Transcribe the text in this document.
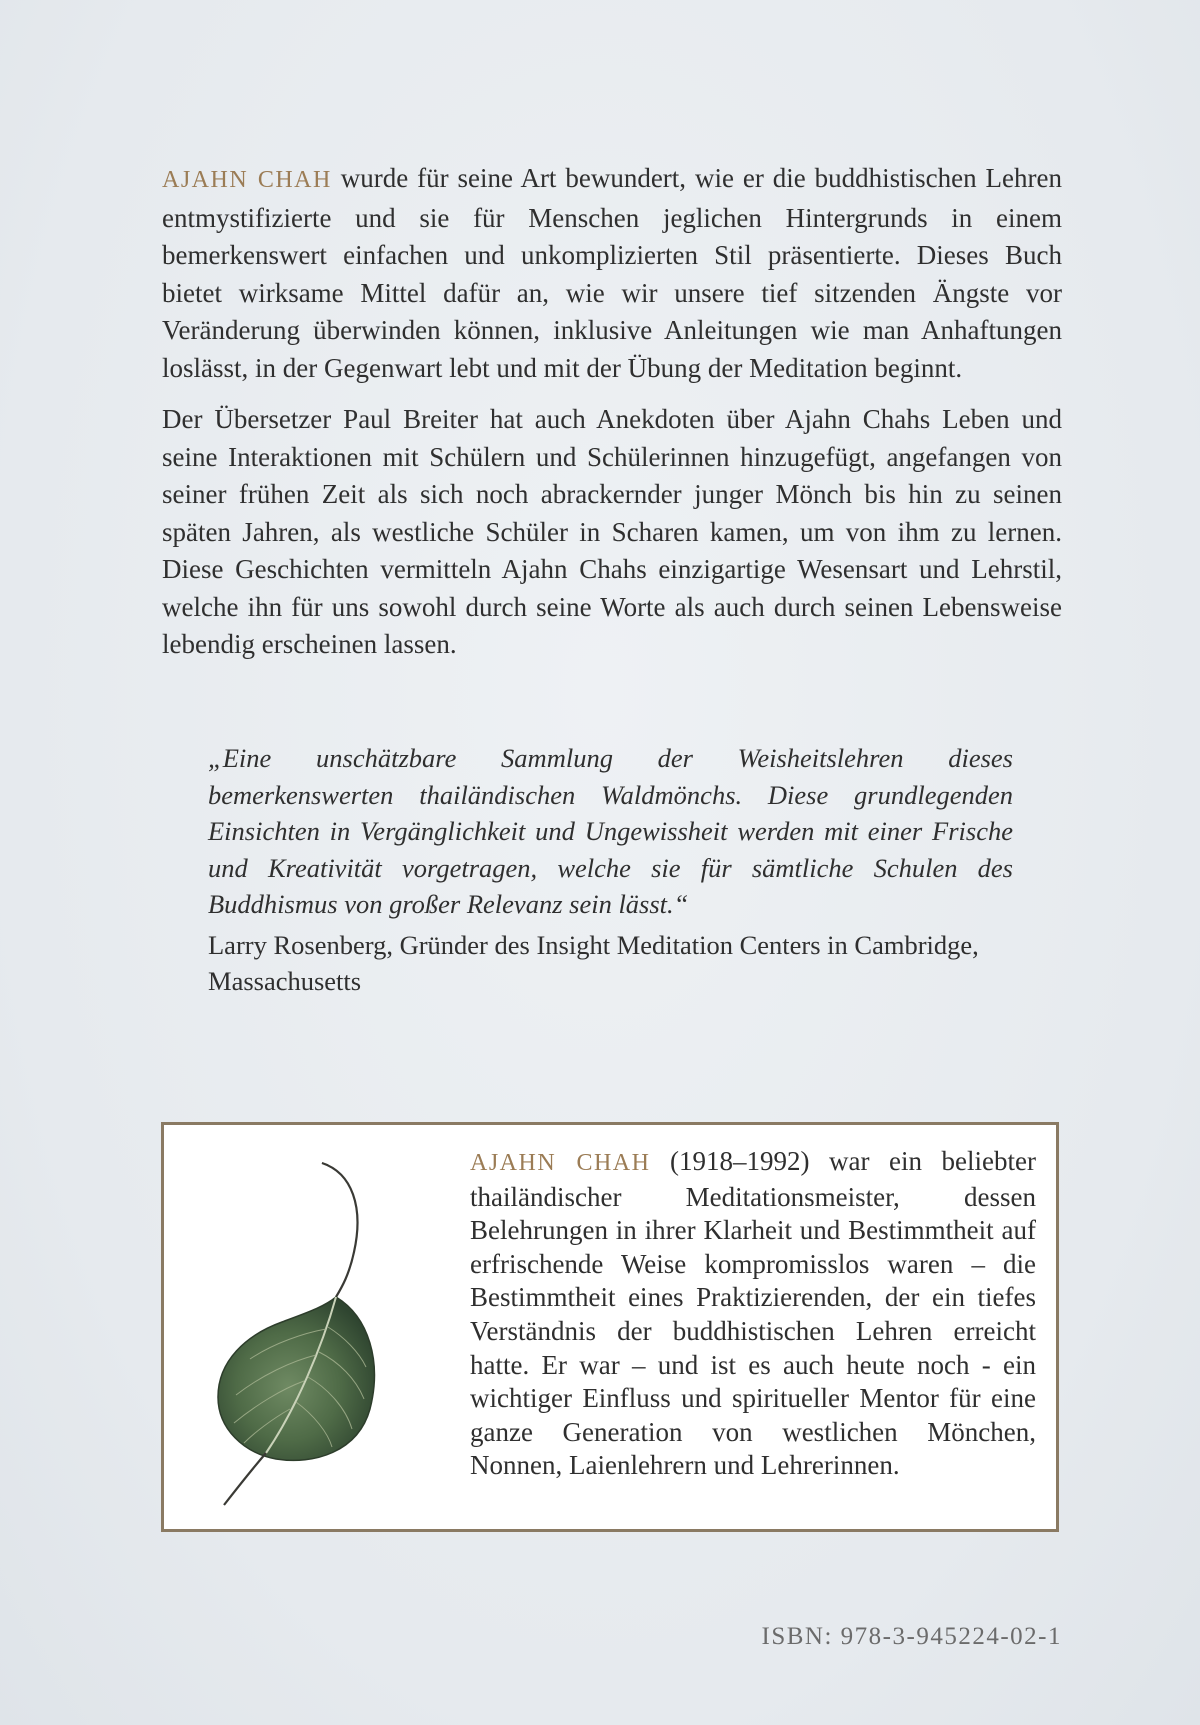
AJAHN CHAH wurde für seine Art bewundert, wie er die buddhistischen Lehren entmystifizierte und sie für Menschen jeglichen Hintergrunds in einem bemerkenswert einfachen und unkomplizierten Stil präsentierte. Dieses Buch bietet wirksame Mittel dafür an, wie wir unsere tief sitzenden Ängste vor Veränderung überwinden können, inklusive Anleitungen wie man Anhaftungen loslässt, in der Gegenwart lebt und mit der Übung der Meditation beginnt.

Der Übersetzer Paul Breiter hat auch Anekdoten über Ajahn Chahs Leben und seine Interaktionen mit Schülern und Schülerinnen hinzugefügt, angefangen von seiner frühen Zeit als sich noch abrackernder junger Mönch bis hin zu seinen späten Jahren, als westliche Schüler in Scharen kamen, um von ihm zu lernen. Diese Geschichten vermitteln Ajahn Chahs einzigartige Wesensart und Lehrstil, welche ihn für uns sowohl durch seine Worte als auch durch seinen Lebensweise lebendig erscheinen lassen.

„Eine unschätzbare Sammlung der Weisheitslehren dieses bemerkenswerten thailändischen Waldmönchs. Diese grundlegenden Einsichten in Vergänglichkeit und Ungewissheit werden mit einer Frische und Kreativität vorgetragen, welche sie für sämtliche Schulen des Buddhismus von großer Relevanz sein lässt.“

Larry Rosenberg, Gründer des Insight Meditation Centers in Cambridge, Massachusetts

AJAHN CHAH (1918–1992) war ein beliebter thailändischer Meditationsmeister, dessen Belehrungen in ihrer Klarheit und Bestimmtheit auf erfrischende Weise kompromisslos waren – die Bestimmtheit eines Praktizierenden, der ein tiefes Verständnis der buddhistischen Lehren erreicht hatte. Er war – und ist es auch heute noch - ein wichtiger Einfluss und spiritueller Mentor für eine ganze Generation von westlichen Mönchen, Nonnen, Laienlehrern und Lehrerinnen.

ISBN: 978-3-945224-02-1
